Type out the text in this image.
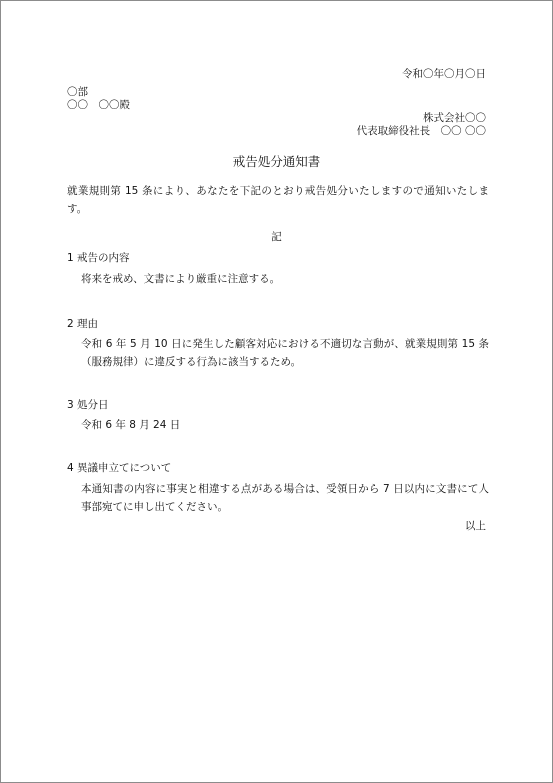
令和〇年〇月〇日
〇部
〇〇　〇〇殿
株式会社〇〇
代表取締役社長　〇〇 〇〇
戒告処分通知書
就業規則第 15 条により、あなたを下記のとおり戒告処分いたしますので通知いたします。
記
1 戒告の内容
将来を戒め、文書により厳重に注意する。
2 理由
令和 6 年 5 月 10 日に発生した顧客対応における不適切な言動が、就業規則第 15 条（服務規律）に違反する行為に該当するため。
3 処分日
令和 6 年 8 月 24 日
4 異議申立てについて
本通知書の内容に事実と相違する点がある場合は、受領日から 7 日以内に文書にて人事部宛てに申し出てください。
以上
